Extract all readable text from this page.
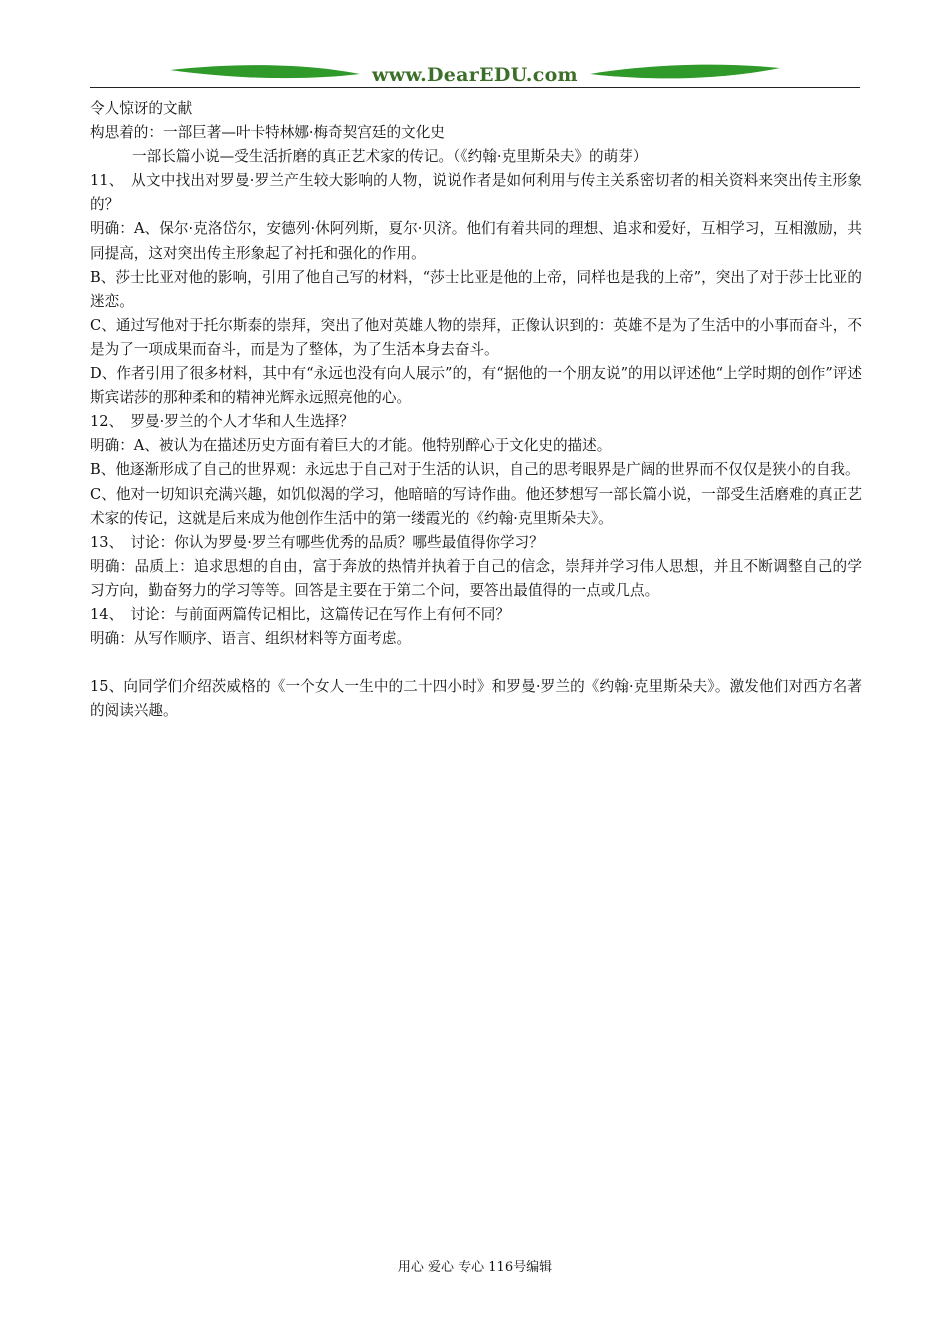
www.DearEDU.com

令人惊讶的文献

构思着的：一部巨著—叶卡特林娜·梅奇契宫廷的文化史

一部长篇小说—受生活折磨的真正艺术家的传记。（《约翰·克里斯朵夫》的萌芽）

11、　从文中找出对罗曼·罗兰产生较大影响的人物，说说作者是如何利用与传主关系密切者的相关资料来突出传主形象的？

明确：A、保尔·克洛岱尔，安德列·休阿列斯，夏尔·贝济。他们有着共同的理想、追求和爱好，互相学习，互相激励，共同提高，这对突出传主形象起了衬托和强化的作用。

B、莎士比亚对他的影响，引用了他自己写的材料，“莎士比亚是他的上帝，同样也是我的上帝”，突出了对于莎士比亚的迷恋。

C、通过写他对于托尔斯泰的崇拜，突出了他对英雄人物的崇拜，正像认识到的：英雄不是为了生活中的小事而奋斗，不是为了一项成果而奋斗，而是为了整体，为了生活本身去奋斗。

D、作者引用了很多材料，其中有“永远也没有向人展示”的，有“据他的一个朋友说”的用以评述他“上学时期的创作”评述斯宾诺莎的那种柔和的精神光辉永远照亮他的心。

12、　罗曼·罗兰的个人才华和人生选择？

明确：A、被认为在描述历史方面有着巨大的才能。他特别醉心于文化史的描述。

B、他逐渐形成了自己的世界观：永远忠于自己对于生活的认识，自己的思考眼界是广阔的世界而不仅仅是狭小的自我。

C、他对一切知识充满兴趣，如饥似渴的学习，他暗暗的写诗作曲。他还梦想写一部长篇小说，一部受生活磨难的真正艺术家的传记，这就是后来成为他创作生活中的第一缕霞光的《约翰·克里斯朵夫》。

13、　讨论：你认为罗曼·罗兰有哪些优秀的品质？哪些最值得你学习？

明确：品质上：追求思想的自由，富于奔放的热情并执着于自己的信念，崇拜并学习伟人思想，并且不断调整自己的学习方向，勤奋努力的学习等等。回答是主要在于第二个问，要答出最值得的一点或几点。

14、　讨论：与前面两篇传记相比，这篇传记在写作上有何不同？

明确：从写作顺序、语言、组织材料等方面考虑。

15、向同学们介绍茨威格的《一个女人一生中的二十四小时》和罗曼·罗兰的《约翰·克里斯朵夫》。激发他们对西方名著的阅读兴趣。

用心 爱心 专心 116号编辑
